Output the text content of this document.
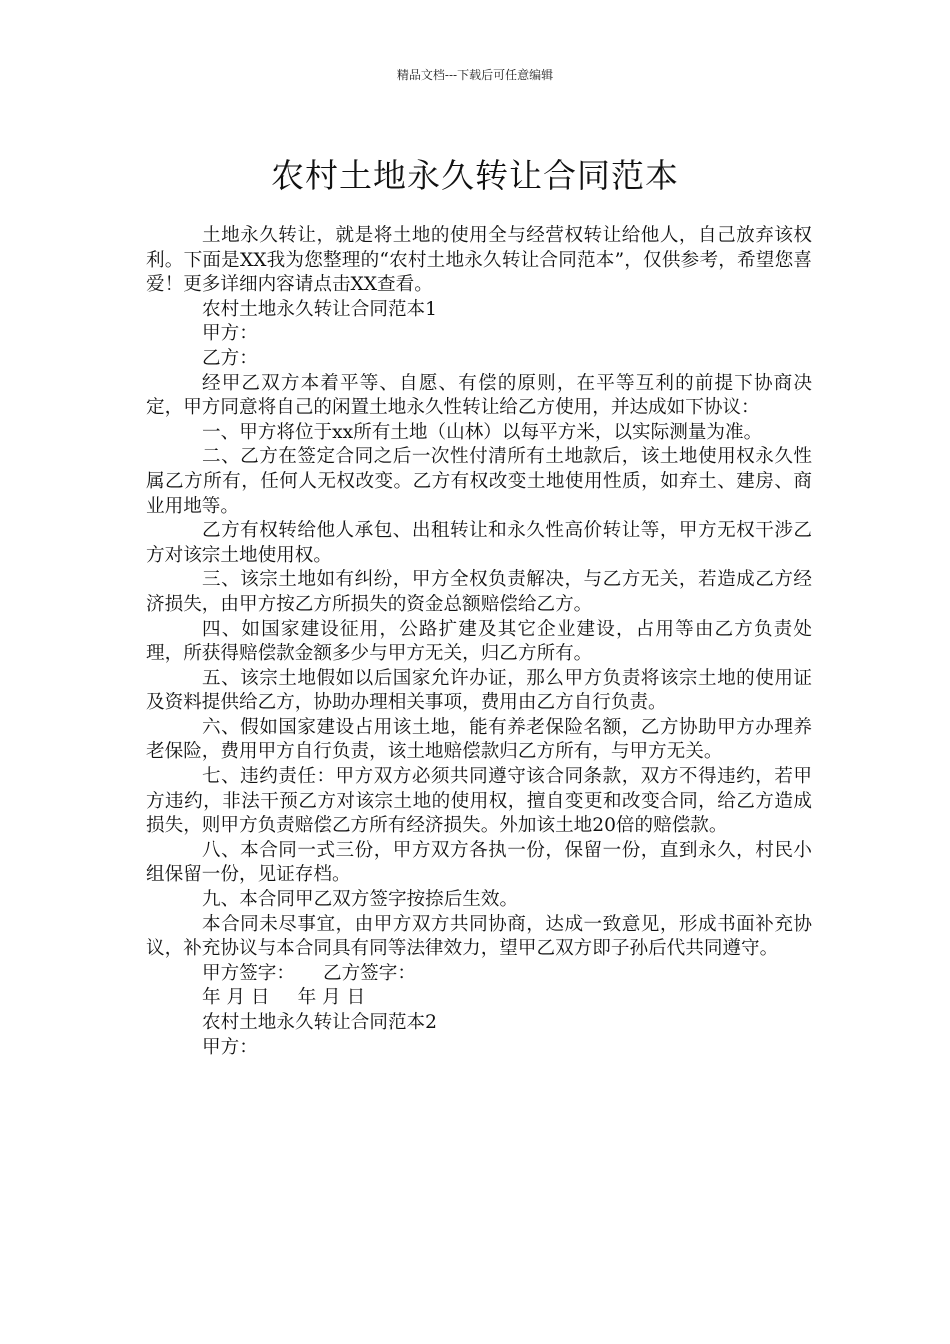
精品文档---下载后可任意编辑
农村土地永久转让合同范本

土地永久转让，就是将土地的使用全与经营权转让给他人，自己放弃该权利。下面是XX我为您整理的“农村土地永久转让合同范本”，仅供参考，希望您喜爱！更多详细内容请点击XX查看。

农村土地永久转让合同范本1

甲方：

乙方：

经甲乙双方本着平等、自愿、有偿的原则，在平等互利的前提下协商决定，甲方同意将自己的闲置土地永久性转让给乙方使用，并达成如下协议：

一、甲方将位于xx所有土地（山林）以每平方米，以实际测量为准。

二、乙方在签定合同之后一次性付清所有土地款后，该土地使用权永久性属乙方所有，任何人无权改变。乙方有权改变土地使用性质，如弃土、建房、商业用地等。

乙方有权转给他人承包、出租转让和永久性高价转让等，甲方无权干涉乙方对该宗土地使用权。

三、该宗土地如有纠纷，甲方全权负责解决，与乙方无关，若造成乙方经济损失，由甲方按乙方所损失的资金总额赔偿给乙方。

四、如国家建设征用，公路扩建及其它企业建设，占用等由乙方负责处理，所获得赔偿款金额多少与甲方无关，归乙方所有。

五、该宗土地假如以后国家允许办证，那么甲方负责将该宗土地的使用证及资料提供给乙方，协助办理相关事项，费用由乙方自行负责。

六、假如国家建设占用该土地，能有养老保险名额，乙方协助甲方办理养老保险，费用甲方自行负责，该土地赔偿款归乙方所有，与甲方无关。

七、违约责任：甲方双方必须共同遵守该合同条款，双方不得违约，若甲方违约，非法干预乙方对该宗土地的使用权，擅自变更和改变合同，给乙方造成损失，则甲方负责赔偿乙方所有经济损失。外加该土地20倍的赔偿款。

八、本合同一式三份，甲方双方各执一份，保留一份，直到永久，村民小组保留一份，见证存档。

九、本合同甲乙双方签字按捺后生效。

本合同未尽事宜，由甲方双方共同协商，达成一致意见，形成书面补充协议，补充协议与本合同具有同等法律效力，望甲乙双方即子孙后代共同遵守。

甲方签字： 乙方签字：

年 月 日 年 月 日

农村土地永久转让合同范本2

甲方：
